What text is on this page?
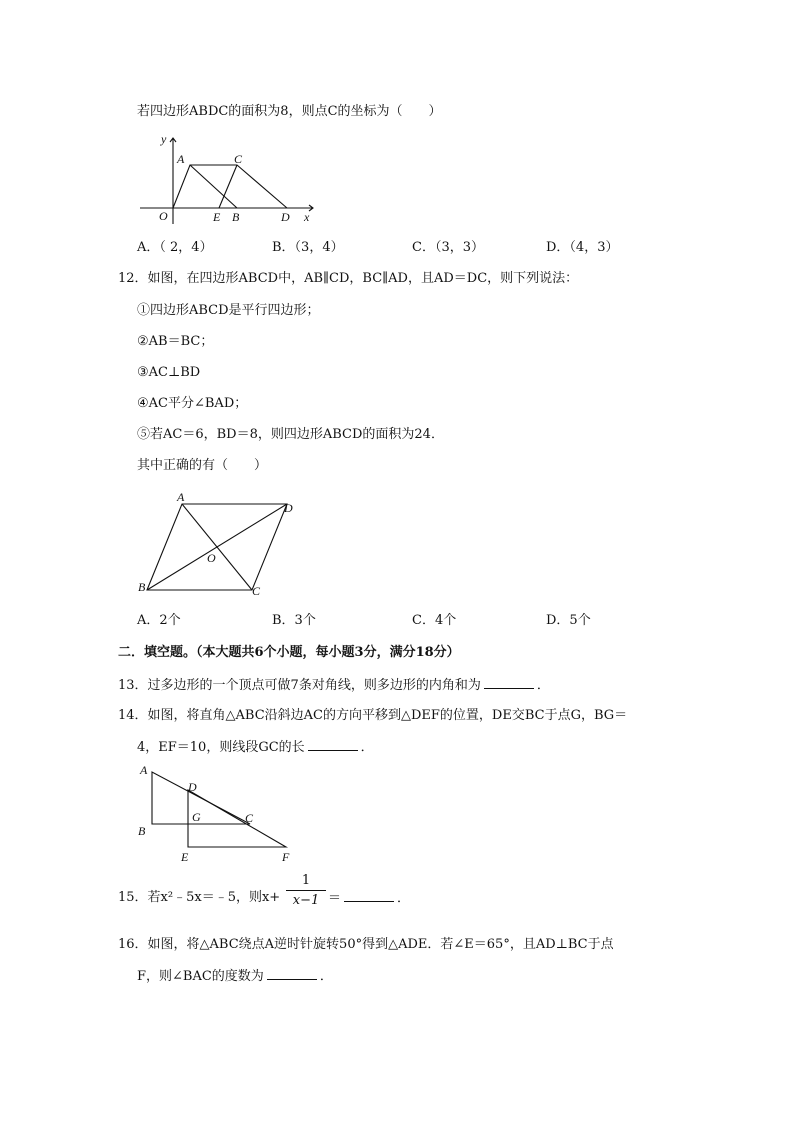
若四边形ABDC的面积为8，则点C的坐标为（　　）
y
A	C
O	E B	D x
A．（ 2，4）	B．（3，4）	C．（3，3）	D．（4，3）
12．如图，在四边形ABCD中，AB∥CD，BC∥AD，且AD＝DC，则下列说法：
①四边形ABCD是平行四边形；
②AB＝BC；
③AC⊥BD
④AC平分∠BAD；
⑤若AC＝6，BD＝8，则四边形ABCD的面积为24．
其中正确的有（　　）
A
D
O
B	C
A．2个	B．3个	C．4个	D．5个
二．填空题。（本大题共6个小题，每小题3分，满分18分）
13．过多边形的一个顶点可做7条对角线，则多边形的内角和为	．
14．如图，将直角△ABC沿斜边AC的方向平移到△DEF的位置，DE交BC于点G，BG＝
4，EF＝10，则线段GC的长	．
A
D
G	C
B
E	F
15．若x²﹣5x＝﹣5，则x+
1
x−1 ＝	．
16．如图，将△ABC绕点A逆时针旋转50°得到△ADE．若∠E＝65°，且AD⊥BC于点
F，则∠BAC的度数为	．
